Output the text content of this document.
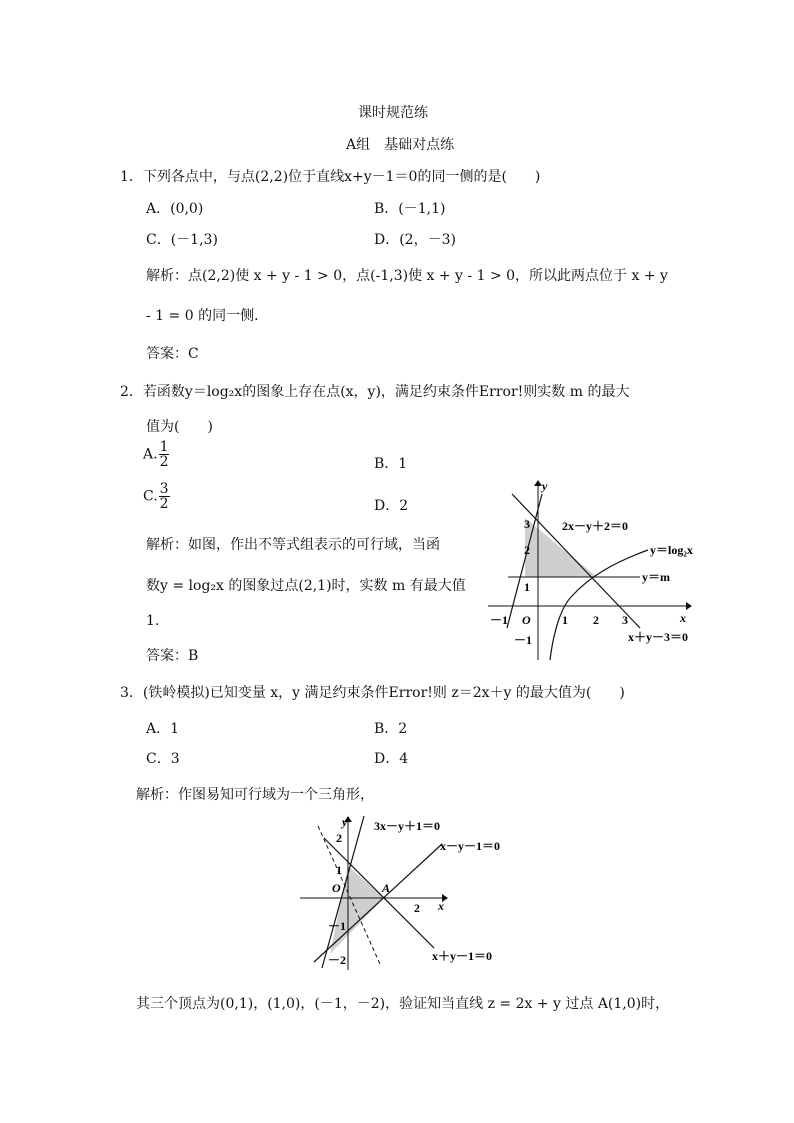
课时规范练
A组　基础对点练
1．下列各点中，与点(2,2)位于直线x+y－1＝0的同一侧的是(　　)
A．(0,0)	B．(－1,1)
C．(－1,3)	D．(2，－3)
解析：点(2,2)使 x + y - 1 > 0，点(-1,3)使 x + y - 1 > 0，所以此两点位于 x + y
- 1 = 0 的同一侧．
答案：C
2．若函数y＝log₂x的图象上存在点(x，y)，满足约束条件Error!则实数 m 的最大
值为(　　)
A. $\frac{1}{2}$	B．1
C. $\frac{3}{2}$	D．2
解析：如图，作出不等式组表示的可行域，当函
数y = log₂x 的图象过点(2,1)时，实数 m 有最大值
1.
答案：B
y
x
O
－1	1 2 3
3
2
1
－1
2x－y＋2＝0
y＝log₂x
y＝m
x＋y－3＝0
3．(铁岭模拟)已知变量 x，y 满足约束条件Error!则 z＝2x＋y 的最大值为(　　)
A．1	B．2
C．3	D．4
解析：作图易知可行域为一个三角形，
y
x
O	A
2
2
1
－1
－2
3x－y＋1＝0
x－y－1＝0
x＋y－1＝0
其三个顶点为(0,1)，(1,0)，(－1，－2)，验证知当直线 z = 2x + y 过点 A(1,0)时，
